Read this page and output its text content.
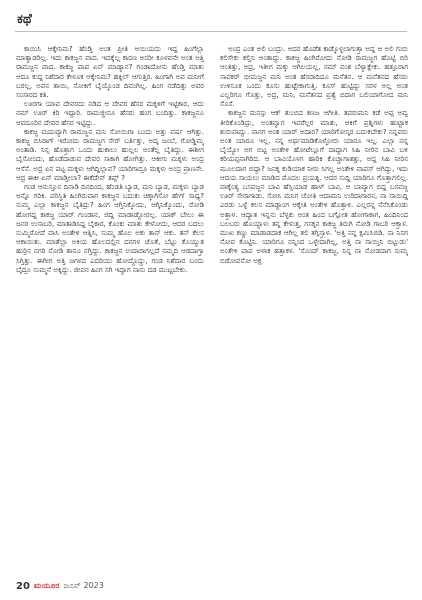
ಕಥೆ

ಕಾಯಿಸಿ ಆಕ್ಕೇನಿಮ? ಹೆಂಡ್ತಿ ಅಂತ ಪ್ರೀತಿ ಅಯಿಯದು ಇದ್ದ ಹಿಂಗೆಲ್ಲಾ ಮಾತ್ಯಾಡರಿಲ್ಲ. ಇದು ಕಾಕಜ್ಜನ ವಾದ. ಇದಕ್ಕೆಲ್ಲ ಕಾರಣ ಅಸರೀ ಕೂಳವನೇ ಅಂತ ಅತ್ತಿ ರಾಮಜ್ಜನ ವಾದ. ಕಾಕಜ್ಜ ಪಾಪ ಏನ್ ಮಾಡ್ಯಾನ? ಗಂಡಾದೋನು ಹೆಂಡ್ತಿ ಮಾತು ಆದೂ ಕುದ್ದ ನಿಶೆದಾರ ಕೇಳೂಕ ಆಕ್ಕೇನಿಮ? ಹಕ್ಕಿಲ್ ಆಗುತ್ತಿರ. ಹಿಂಗಾಗಿ ಅವ ಮನೀಗೆ ಬರಲ್ಲ, ಅವನ ತಾಯಿ, ಸೋಕಿಗೆ ಬೈಯ್ಕೊಂಡ ದಿವಂಗಿಲ್ಲ. ಹಿಂಗ ನಡೆದಿತ್ತು ಅವರ ಸಂಸಾರದ ಕತಿ.

ಊರಗಾ ಯಾವ ದೇವರದು ನಡಿದ ಆ ದೇವರ ಹೆಸರ ಮಕ್ಕಳಿಗೆ ಇಟ್ಟಿಕಾರ, ಆದು ನಮ್ ಊರ್ ಕಿರಿ ಇದ್ದಾರಿ. ರಾಮಜ್ಜೀನೂ ಹೆಸರು ಹಂಗ ಬಂದಿತ್ತು. ಕಾಕಜ್ಜನೂ ಆವದೂರಿನ ದೇವರ ಹೆಸರ ಇಟ್ಟಿದ್ದು.

ಕಾಕಜ್ಜ ಮದುವ್ಯಾಗಿ ರಾಮಜ್ಜನ ಮನಿ ಸೋಯಿಗಾ ಬಂದು ಅತ್ತು ವರ್ಷ ಆಗಿತ್ತು. ಕಾಕಜ್ಜ ಬಿಸಿರಾಗ್ ಇರೋದು ರಾಮಜ್ಜಗ ಸೇರ್ ಬರ್ತಿತ್ತು, ಅದ್ಕ ಜಂಬೆ, ಗೋಡ್ಡಿಮ್ಮ ಅಂತಾಡಿ. ನಿಸ್ಸ ಹೊತ್ತಾಗ ಒಂದು ಹುಕಾಲು ಹುಲ್ಲಲ ಅಂತೆಲ್ಲ ಬೈತಿದ್ದು. ಈಶೀಗ ಬೈಸೋಂದು, ಹೊಡೆದಾಡುವ ದೇವರ ಸಾಕಾಗಿ ಹೋಗಿತ್ತು. ಆಕೀಗು ಮಕ್ಕಳು ಅಂದ್ರ ಆಸೆನೆ. ಅದ್ರ ಏನ ಪಟ್ಟ ಮಕ್ಕಳು ಆಗಿದ್ದಿಲ್ಲಾವ? ಯಾರಿಗಾದ್ರೂ ಮಕ್ಕಳು ಅಂದ್ರ ಪ್ರಾಣನೇ. ಆದ್ರ ಈಕೀ ಏನ್ ಮಾಡ್ತೀಲಾ? ಈಕೆದೇನ್ ತಪ್ಪ್ ?

ಗಂಡ ಆನುಸ್ತೂನ ದಿನಾಡಿ ದಿನದಿಂದ, ಹೆಂಡತಿ ಬ್ಯಾಡ, ಮನಿ ಬ್ಯಾಡ, ಮಕ್ಕಳು ಬ್ಯಾಡ ಅನ್ನೊ ಗರಿಕಿ. ಪರಿಸ್ಥಿತಿ ಹಿಂಗಿರುವಾಗ ಕಾಕಜ್ಜನ ಬದುಕು ಚಿಕ್ಕಾಗಿಸೋ ಹೇಗ್ ಸಾಧ್ಯ? ಸುಮ್ಮ ಎಲ್ಲಾ ಕಾಕಜ್ಜನ ಬೈತಿದ್ರು? ಹಿಂಗ ಆಗ್ತಿನಿಕ್ಕೋದು, ಆಗ್ಕಿನಿಕ್ಕೊಂದು, ರೋಡಿ ಹೋಗದ್ದ ಕಾಕಜ್ಜ ಯಾರ್ ಗುಂಡಾನ, ಜಿದ್ದಿ ಮಾಡಾಡ್ದೋರಲ್ಲ. ಯಾಕ್ ಬೇಲು ಈ ಜನರ ಉಸಾಬರಿ, ಮಾತಾಡಿಸಿದ್ದ ಬೈಕಾರ, ಕೊಂಕು ಮಾತು ಕೇಳೋದು, ಆದರ ಬದಲು ಸುಮ್ಮಿರೋದೆ ವಾಸಿ ಅಂತೇಳಿ ಆತ್ನಿಸಿ, ಸುಮ್ಮ ಹೊಲ ಅಕು ತಾನ್ ಆಕು. ತನ್ ಕೆಲಸ ಆಕಾಯಿತು. ಮಾತೆಲ್ಲಾ ಅಕಿಯ ಹೊಲದಲ್ಲಿನ ದನಗಳ ಜೊತೆ, ಬೆಟ್ಟು ಕೊಯ್ಯುತ ಹುರ್ರಿನ ನಗರಿ ನೋಡಿ ತಾನೂ ನಗ್ತಿದ್ದು. ಕಾಕಜ್ಜನ ಉದಾರಾಗಲ್ಲದೆ ನಮ್ಮದಿ ಆಡದಾಗ್ತಾ ಸಿಗ್ತಿತ್ತು. ಈಗೀಗ ಅತ್ತಿ ಜಗಳದ ಎದರಿಯು ಹೋದ್ದೊದ್ದು, ಗಂಡ ನಿಶೆದಾರ ಬಂದು ಬೈದ್ರೂ ಸುಮ್ಮನೆ ಅಕ್ಕಿದ್ದು. ಜೀವನ ಹಿಂಗ ಸಗಿ ಇದ್ದಾಗ ನಾನು ದಡ ಮುಟ್ಟಬೇಕು.

ಅಂದ್ರ ಎಂತ ಅಲಿ ಬಂದ್ರು. ಅದರ ಹೊಡೆತ ಕಾಡ್ಕೊಳ್ಳಲಾಗುತ್ತಾ ಅದ್ದ ಆ ಅಲಿ ಗುರು ಕಲಿಸೇಕು ಕಲ್ತಿನಿ ಅಂತಾದ್ದು. ಕಾಕಜ್ಜ ಹಿಂಗಿರೋದು ನೋಡಿ ರಾಮಜ್ಜಗ ಹೊಟ್ಟಿ ಬಿರಿ ಆಂತಿತ್ತು, ಅದ್ರ, ಇತೀಗ ಮಕ್ಕು ಆಗಿಲಯಲ್ಲ, ನಮ್ ವಂಶ ಬೆಳ್ಯಾಕ್ಲೇಕು. ಹತ್ತೂರಾಗ ಸಾವಕರ್ ಭೀಮಜ್ಜನ ಮನಿ ಅಂತ ಹೆಸರಾದಿದೂ ಮನೆತನ. ಆ ಮನೆತನದ ಹೆಸರು ಉಳಿಸೂಕ ಒಂದು ಕೂಸು ಹುಟ್ಟೇಕಾಗುತ್ತಿ. ಕೂಸ್ ಹುಟ್ಟಿದ್ದು ಸರಳ ಅಲ್ಲ ಅಂತ ಎಲ್ಲರಿಗೂ ಗೊತ್ತು, ಅದ್ರ, ಮನಿ, ಮನೆತನದ ಪ್ರತ್ಯೆ ಬಿದಾಗ ಬಲಿಯಾಗೋದ ಮನಿ ಸೊಸೆ.

ಕಾಕಜ್ಜನ ಮನಸ್ಸು ಆಕ್ ತುಂಬಿದ ಕಣಜ ಆಗೀತಿ. ತವರುಮನಿ ಕಡೆ ಅಪ್ಪ ಅವ್ವ ತೀರಿಕೊಂಡಿದ್ರು, ಅಂತವ್ವಾಗ ಇವರೆಲ್ಲರ ಮಾತು, ಆಕಿಗೆ ಪ್ರಶ್ನಿಗಳು ಹುಟ್ಟಾಕ ಶುರುವಾದ್ವು. ನಾನಗ ಅಂತ ಯಾರ್ ಅದಾರ? ಯಾರಿಗೋಸ್ಕರ ಬದುಕಬೇಕು? ನನ್ನವರು ಅಂತ ಯಾರೂ ಇಲ್ಲ. ನನ್ನ ಅರ್ಥಮಾಡಿಕೊಳ್ಳೋರು ಯಾರೂ ಇಲ್ಲ. ಎಲ್ಲಾ ನನ್ನ ಬೈಯ್ಯೋ ಅಗ ಬಿಟ್ಟ ಅಂತೇಳಿ ಹೋಟೆಲ್ಲೂಗೆ ದಾದ್ದಾಗ ಸಿಹಿ ನೀರಿನ ಬಾವಿ ಬಳಿ ಕರಿಯಪ್ಪನಾಗಿರಿದ. ಆ ಬಾವಿಯೊಳಗ ಹಾರಿಕಿ ಕೊಚ್ಚಾಗಾತತ್ತು, ಅದ್ದ ಸಿಹಿ ನೀರಿನ ಮೂಲದಾಗ ಬಿದ್ದಾ? ಜನಕ್ಕ ಕುಡಿಯಾಕ ನೀರು ಸಿಗಲ್ಲ ಅಂತೇಳಿ ವಾಪಸ್ ಆಗಿದ್ದು, ಇದು ಆದಯ ಸಾಯಲು ಮಾಡಿದ ಮೊದಲ ಪ್ರಯತ್ನ. ಆದರ ಸುದ್ದಿ ಯಾರಿಗೂ ಗೊತ್ತಾಗಲಿಲ್ಲ. ವಾಕ್ಕೆಂತ್ಯ ಬಸವಜ್ಜನ ಬಾವಿ ಹೆಸ್ಸಿಯಾಡ ಹಾಳ್ ಬಾವಿ, ಆ ಬಾವ್ಯಾಗ ಬಿದ್ದ ಬಸವಜ್ಜ ಊರ್ ಸೇರಾಗಾಡು. ಸೋಸಿ ಮನಿಗ ಜೋತಿ ಆದಾಮನಿ ಉರಿದಾಗಾರನ, ನಾ ಸಾಯಿದ್ದಿ ಎರಡು ಒಳ್ಳೆ ಕಲಸ ಮಾಡ್ದಾಂಗ ಆಕ್ಕೇತಿ ಅಂತೇಳಿ ಹೊತ್ತಾಳಿ. ಎಲ್ಲರನ್ನ ನೆನೆಸಿಕೊಂಡು ಅತ್ತಾಳ. ಆದ್ಯಾತ ಇನ್ನನು ಬೆಳ್ಳಕು ಅಂತ ಹಿಂದ ಬಗ್ಗೋತ ಹೋಗಾಕಾಗ, ಹಿಂದಿನಿಂದ ಬಲಬರು ಹೊಯ್ದಾಳು ತನ್ನ ಕೇಳುತ್ತ, ಗಸಕ್ಕನ ಕಾಕಜ್ಜ ತಿರುಗಿ ನೋಡಿ ಗಾಬರಿ ಆಕ್ತಾಳ. ಮುಖ ಕಣ್ಣು ಮಾಡಾಡದಾಕ ಆಗಿಲ್ಲ ತಲಿ ತಗ್ಗಿಸ್ತಾಳ. 'ಅತ್ತಿ ನನ್ನ ಕ್ಷಮಿಸಿಬಿಡಿ. ನಾ ನಿನಗ ನೋವ ಕೊಟ್ಟಿನಿ. ಯಾರಿಗೂ ನನ್ನಿಂದ ಒಳ್ಳೇದಾಗಿಲ್ಲ, ಅತ್ತಿ ನಾ ಸಾಯ್ತಿನಿ ಬಿಟ್ಟುಡು' ಅಂತೇಳಿ ಪಾಪ ಅಳಾಕ ಹತ್ತಾಕಳ. 'ಸೊಂದ್ ಕಾಕಜ್ಜ, ನಿನ್ನ ನಾ ನೋಡದಾಗ ಸುಮ್ಮ ಬಿಡೋವನೋ ಅಕ್ಷ

20 ಮಯೂರ ಜೂನ್ 2023
